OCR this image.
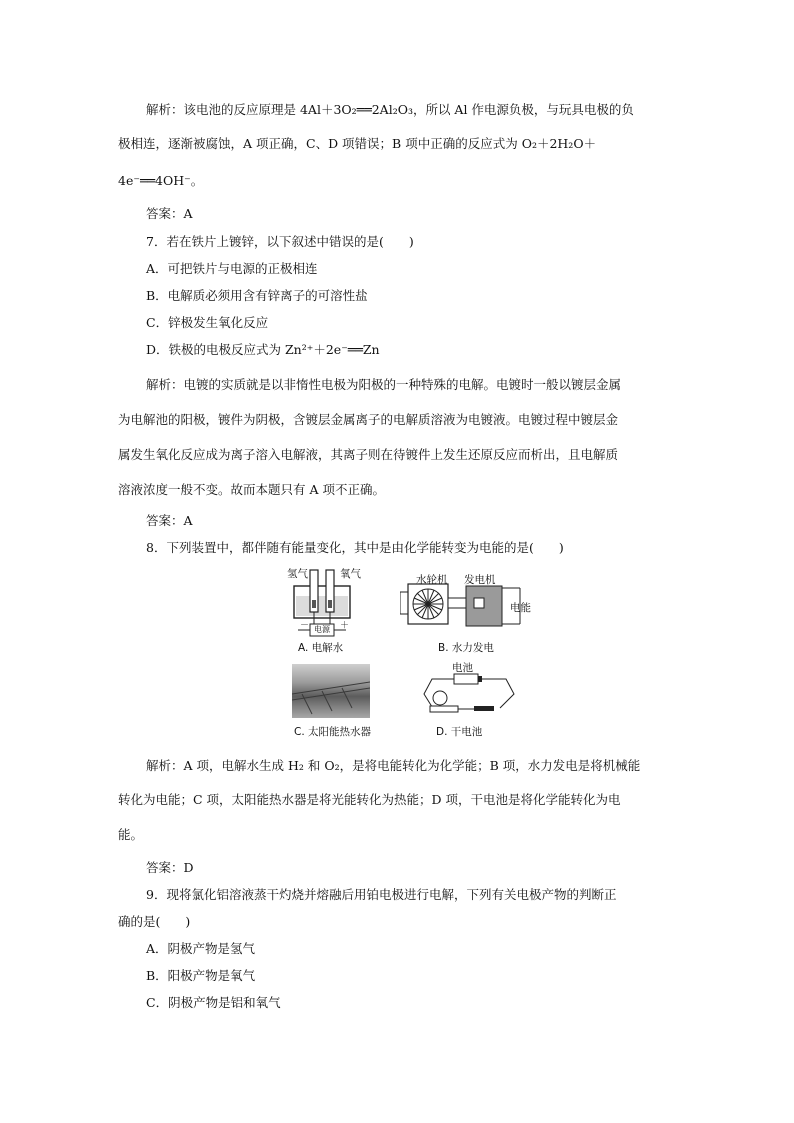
解析：该电池的反应原理是 4Al＋3O₂══2Al₂O₃，所以 Al 作电源负极，与玩具电极的负
极相连，逐渐被腐蚀，A 项正确，C、D 项错误；B 项中正确的反应式为 O₂＋2H₂O＋
4e⁻══4OH⁻。
答案：A
7．若在铁片上镀锌，以下叙述中错误的是(　　)
A．可把铁片与电源的正极相连
B．电解质必须用含有锌离子的可溶性盐
C．锌极发生氧化反应
D．铁极的电极反应式为 Zn²⁺＋2e⁻══Zn
解析：电镀的实质就是以非惰性电极为阳极的一种特殊的电解。电镀时一般以镀层金属
为电解池的阳极，镀件为阴极，含镀层金属离子的电解质溶液为电镀液。电镀过程中镀层金
属发生氧化反应成为离子溶入电解液，其离子则在待镀件上发生还原反应而析出，且电解质
溶液浓度一般不变。故而本题只有 A 项不正确。
答案：A
8．下列装置中，都伴随有能量变化，其中是由化学能转变为电能的是(　　)
氢气	氧气
电源
－	＋
A. 电解水
水轮机 发电机
电能
B. 水力发电
C. 太阳能热水器
电池
D. 干电池
解析：A 项，电解水生成 H₂ 和 O₂，是将电能转化为化学能；B 项，水力发电是将机械能
转化为电能；C 项，太阳能热水器是将光能转化为热能；D 项，干电池是将化学能转化为电
能。
答案：D
9．现将氯化铝溶液蒸干灼烧并熔融后用铂电极进行电解，下列有关电极产物的判断正
确的是(　　)
A．阴极产物是氢气
B．阳极产物是氧气
C．阴极产物是铝和氧气
